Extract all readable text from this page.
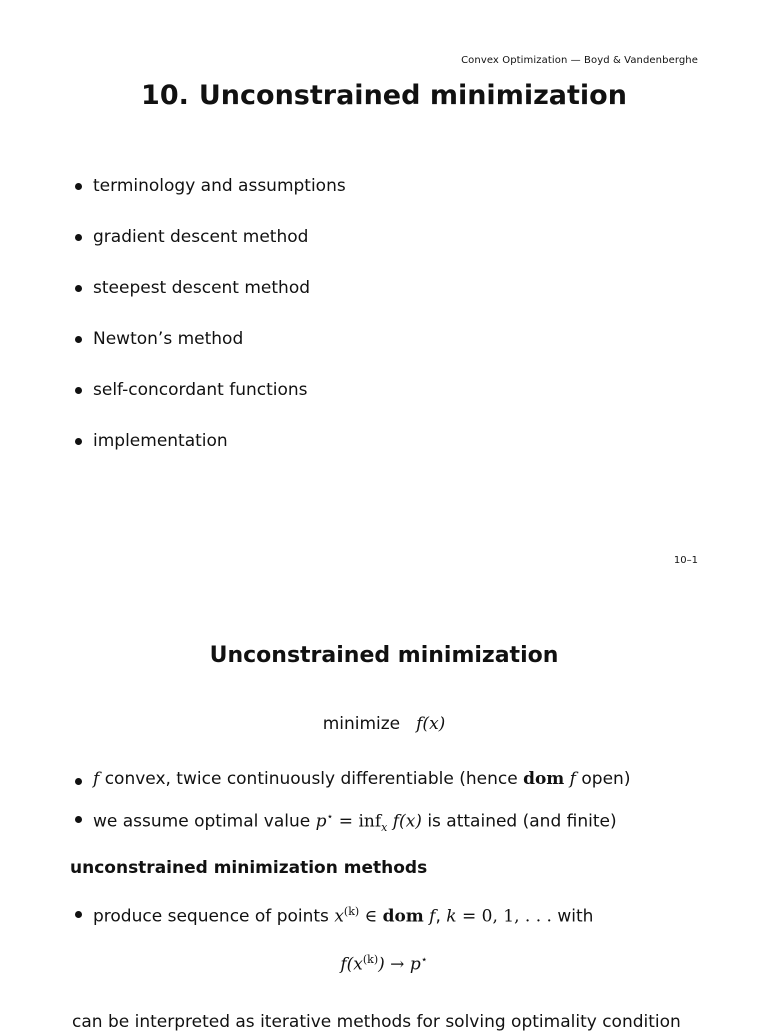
Convex Optimization — Boyd & Vandenberghe
10. Unconstrained minimization
terminology and assumptions
gradient descent method
steepest descent method
Newton’s method
self-concordant functions
implementation
10–1
Unconstrained minimization
minimize f(x)
f convex, twice continuously differentiable (hence dom f open)
we assume optimal value p⋆ = inf$_x$ f(x) is attained (and finite)
unconstrained minimization methods
produce sequence of points $x^{(k)}$ ∈ dom f, k = 0, 1, . . . with
$f(x^{(k)}) \to p^⋆$
can be interpreted as iterative methods for solving optimality condition
